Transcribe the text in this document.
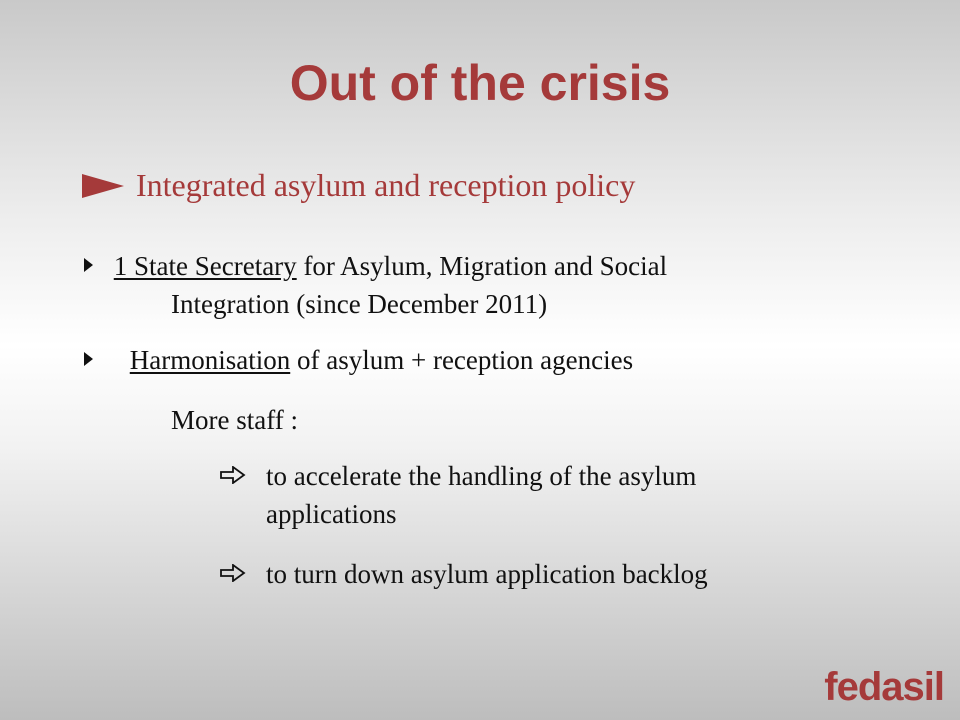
Out of the crisis
Integrated asylum and reception policy
1 State Secretary for Asylum, Migration and Social
Integration (since December 2011)
Harmonisation of asylum + reception agencies
More staff :
to accelerate the handling of the asylum
applications
to turn down asylum application backlog
fedasil
